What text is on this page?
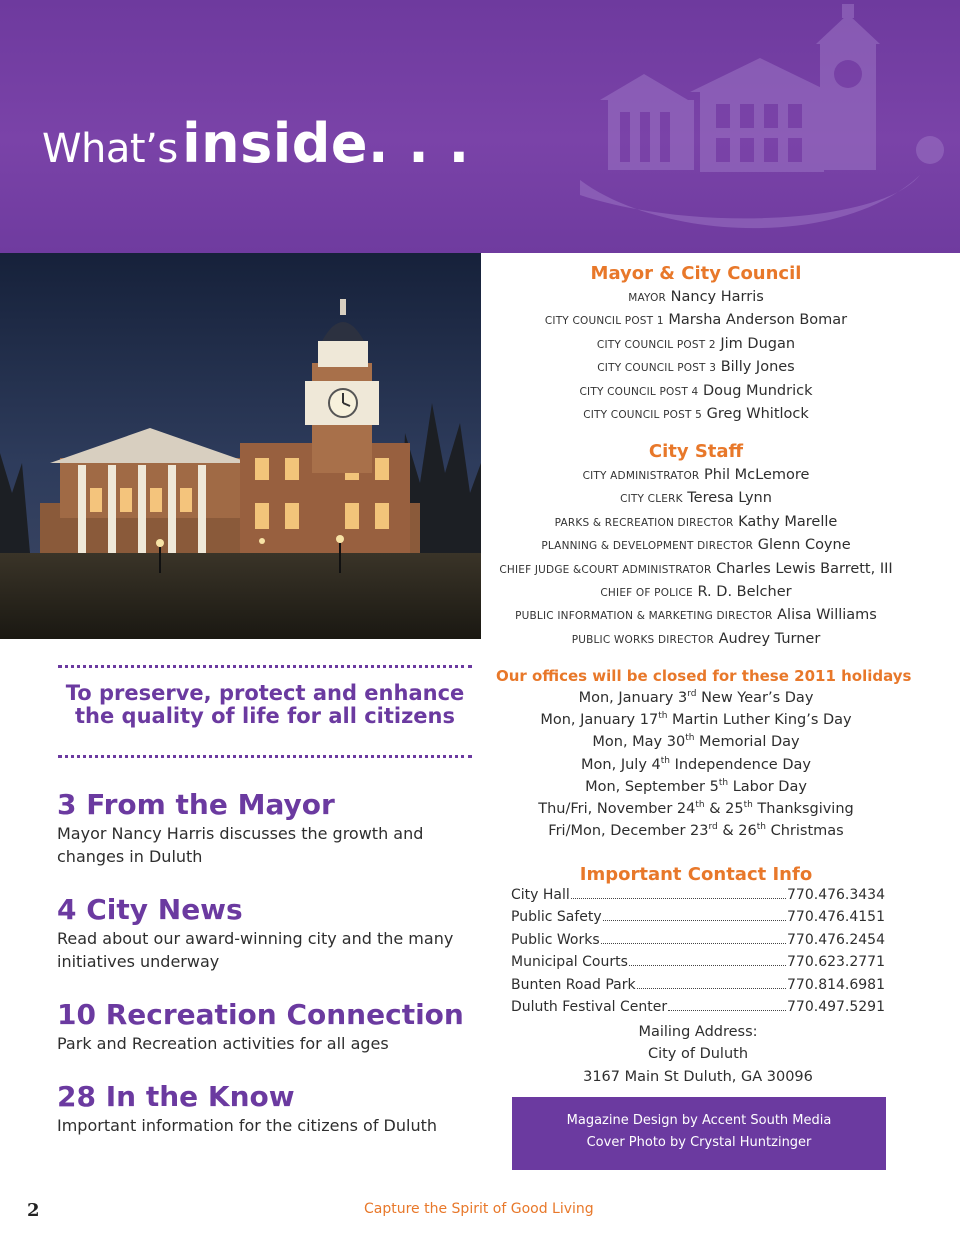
What’s inside. . .
To preserve, protect and enhance the quality of life for all citizens
3 From the Mayor
Mayor Nancy Harris discusses the growth and changes in Duluth
4 City News
Read about our award-winning city and the many initiatives underway
10 Recreation Connection
Park and Recreation activities for all ages
28 In the Know
Important information for the citizens of Duluth
Mayor & City Council
MAYOR Nancy Harris
CITY COUNCIL POST 1 Marsha Anderson Bomar
CITY COUNCIL POST 2 Jim Dugan
CITY COUNCIL POST 3 Billy Jones
CITY COUNCIL POST 4 Doug Mundrick
CITY COUNCIL POST 5 Greg Whitlock
City Staff
CITY ADMINISTRATOR Phil McLemore
CITY CLERK Teresa Lynn
PARKS & RECREATION DIRECTOR Kathy Marelle
PLANNING & DEVELOPMENT DIRECTOR Glenn Coyne
CHIEF JUDGE &COURT ADMINISTRATOR Charles Lewis Barrett, III
CHIEF OF POLICE R. D. Belcher
PUBLIC INFORMATION & MARKETING DIRECTOR Alisa Williams
PUBLIC WORKS DIRECTOR Audrey Turner
Our offices will be closed for these 2011 holidays
Mon, January 3rd New Year’s Day
Mon, January 17th Martin Luther King’s Day
Mon, May 30th Memorial Day
Mon, July 4th Independence Day
Mon, September 5th Labor Day
Thu/Fri, November 24th & 25th Thanksgiving
Fri/Mon, December 23rd & 26th Christmas
Important Contact Info
City Hall	770.476.3434
Public Safety	770.476.4151
Public Works	770.476.2454
Municipal Courts	770.623.2771
Bunten Road Park	770.814.6981
Duluth Festival Center	770.497.5291
Mailing Address:
City of Duluth
3167 Main St Duluth, GA 30096
Magazine Design by Accent South Media
Cover Photo by Crystal Huntzinger
2	Capture the Spirit of Good Living
